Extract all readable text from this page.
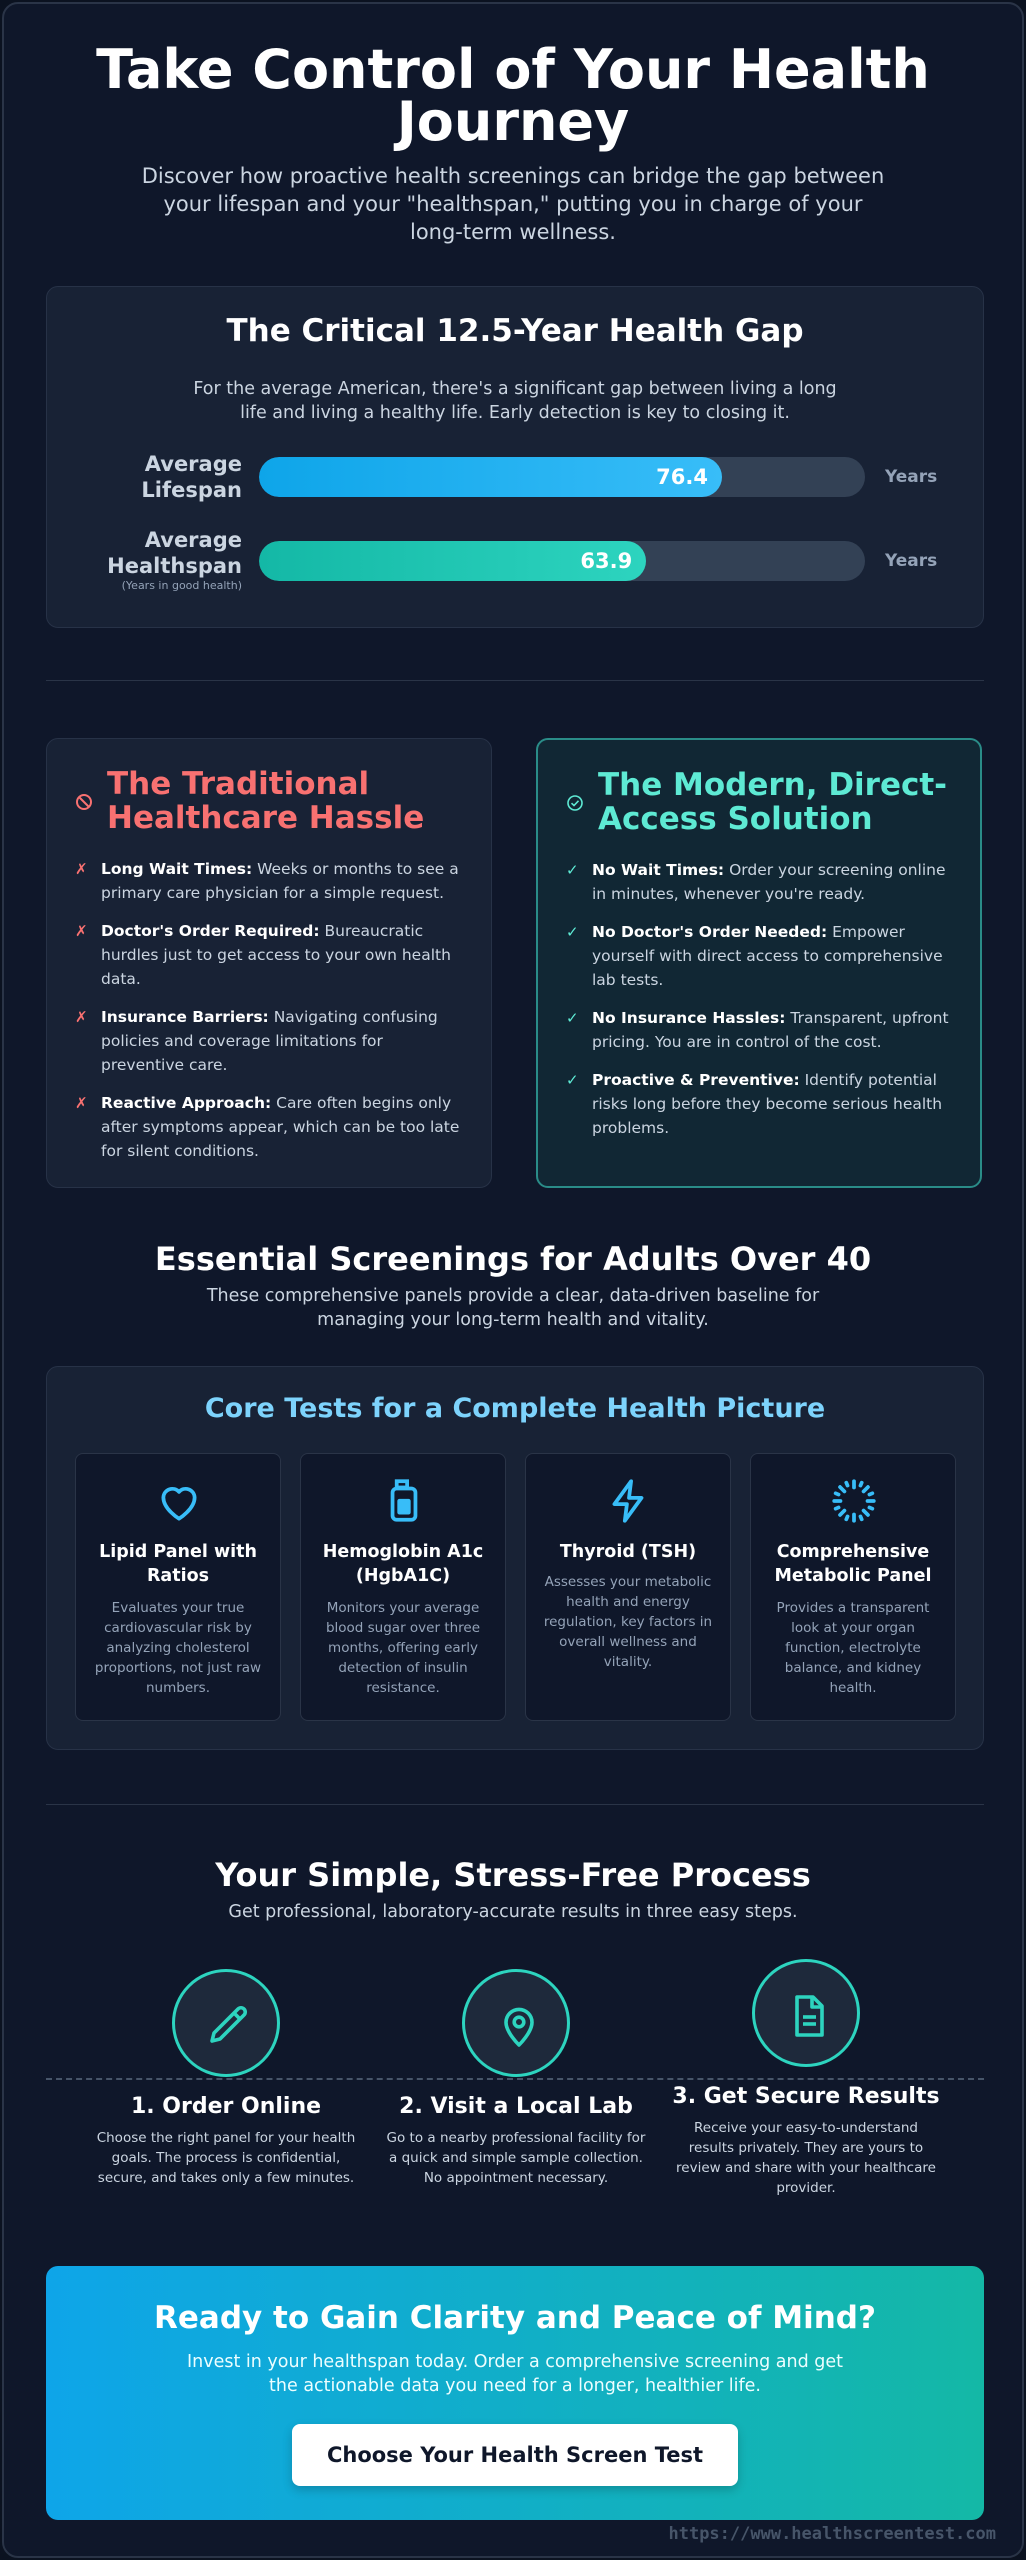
Take Control of Your Health Journey

Discover how proactive health screenings can bridge the gap between your lifespan and your "healthspan," putting you in charge of your long-term wellness.

The Critical 12.5-Year Health Gap

For the average American, there's a significant gap between living a long life and living a healthy life. Early detection is key to closing it.

Average Lifespan
76.4	Years
Average Healthspan
(Years in good health)
63.9	Years
The Traditional Healthcare Hassle
✗ Long Wait Times: Weeks or months to see a primary care physician for a simple request.
✗ Doctor's Order Required: Bureaucratic hurdles just to get access to your own health data.
✗ Insurance Barriers: Navigating confusing policies and coverage limitations for preventive care.
✗ Reactive Approach: Care often begins only after symptoms appear, which can be too late for silent conditions.
The Modern, Direct-Access Solution
✓ No Wait Times: Order your screening online in minutes, whenever you're ready.
✓ No Doctor's Order Needed: Empower yourself with direct access to comprehensive lab tests.
✓ No Insurance Hassles: Transparent, upfront pricing. You are in control of the cost.
✓ Proactive & Preventive: Identify potential risks long before they become serious health problems.
Essential Screenings for Adults Over 40

These comprehensive panels provide a clear, data-driven baseline for managing your long-term health and vitality.

Core Tests for a Complete Health Picture
Lipid Panel with Ratios
Evaluates your true cardiovascular risk by analyzing cholesterol proportions, not just raw numbers.
Hemoglobin A1c (HgbA1C)
Monitors your average blood sugar over three months, offering early detection of insulin resistance.
Thyroid (TSH)
Assesses your metabolic health and energy regulation, key factors in overall wellness and vitality.
Comprehensive Metabolic Panel
Provides a transparent look at your organ function, electrolyte balance, and kidney health.
Your Simple, Stress-Free Process

Get professional, laboratory-accurate results in three easy steps.

1. Order Online
Choose the right panel for your health goals. The process is confidential, secure, and takes only a few minutes.
2. Visit a Local Lab
Go to a nearby professional facility for a quick and simple sample collection. No appointment necessary.
3. Get Secure Results
Receive your easy-to-understand results privately. They are yours to review and share with your healthcare provider.
Ready to Gain Clarity and Peace of Mind?

Invest in your healthspan today. Order a comprehensive screening and get the actionable data you need for a longer, healthier life.

Choose Your Health Screen Test
https://www.healthscreentest.com
